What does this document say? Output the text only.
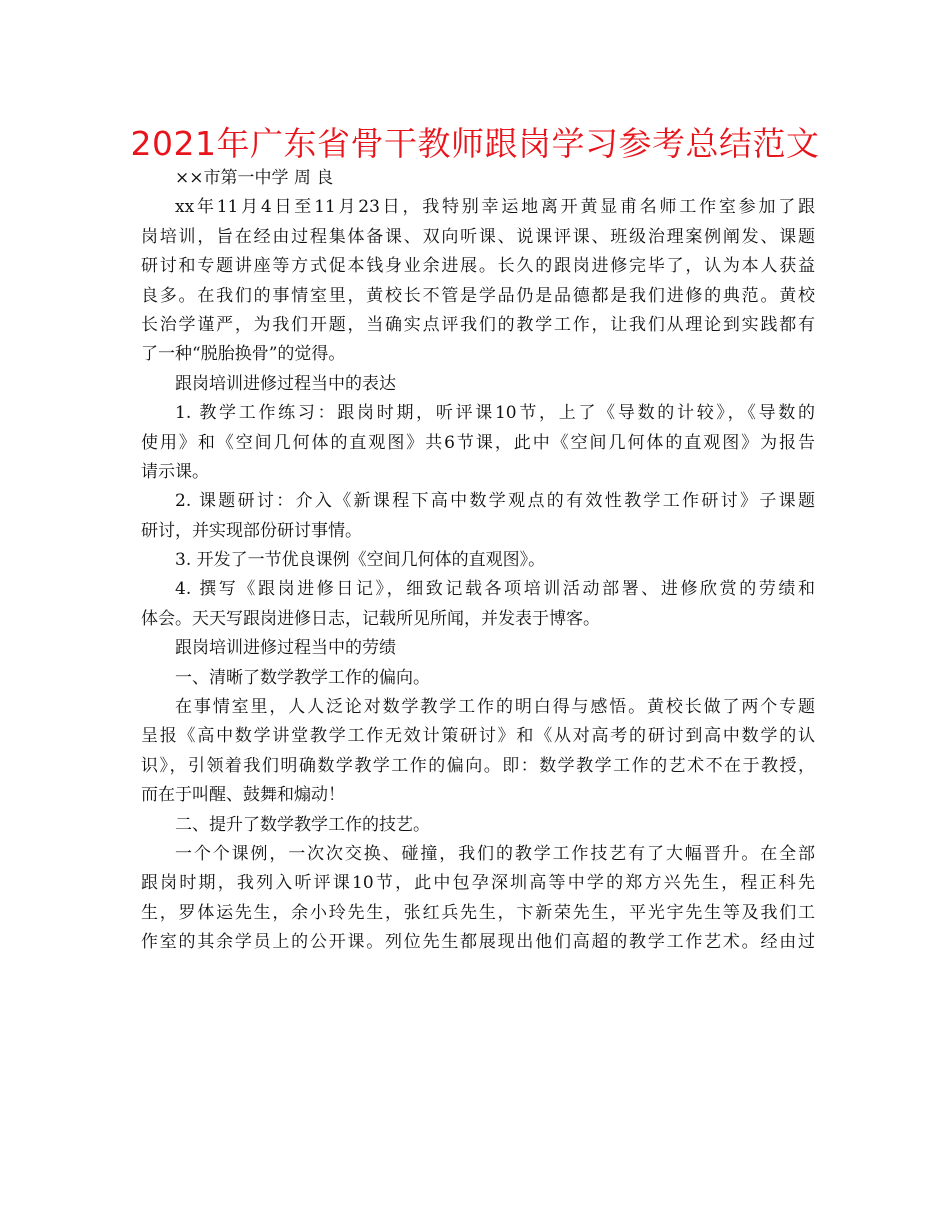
2021年广东省骨干教师跟岗学习参考总结范文
××市第一中学 周 良
xx年11月4日至11月23日，我特别幸运地离开黄显甫名师工作室参加了跟
岗培训，旨在经由过程集体备课、双向听课、说课评课、班级治理案例阐发、课题
研讨和专题讲座等方式促本钱身业余进展。长久的跟岗进修完毕了，认为本人获益
良多。在我们的事情室里，黄校长不管是学品仍是品德都是我们进修的典范。黄校
长治学谨严，为我们开题，当确实点评我们的教学工作，让我们从理论到实践都有
了一种“脱胎换骨”的觉得。
跟岗培训进修过程当中的表达
1. 教学工作练习：跟岗时期，听评课10节，上了《导数的计较》，《导数的
使用》和《空间几何体的直观图》共6节课，此中《空间几何体的直观图》为报告
请示课。
2. 课题研讨：介入《新课程下高中数学观点的有效性教学工作研讨》子课题
研讨，并实现部份研讨事情。
3. 开发了一节优良课例《空间几何体的直观图》。
4. 撰写《跟岗进修日记》，细致记载各项培训活动部署、进修欣赏的劳绩和
体会。天天写跟岗进修日志，记载所见所闻，并发表于博客。
跟岗培训进修过程当中的劳绩
一、清晰了数学教学工作的偏向。
在事情室里，人人泛论对数学教学工作的明白得与感悟。黄校长做了两个专题
呈报《高中数学讲堂教学工作无效计策研讨》和《从对高考的研讨到高中数学的认
识》，引领着我们明确数学教学工作的偏向。即：数学教学工作的艺术不在于教授，
而在于叫醒、鼓舞和煽动！
二、提升了数学教学工作的技艺。
一个个课例，一次次交换、碰撞，我们的教学工作技艺有了大幅晋升。在全部
跟岗时期，我列入听评课10节，此中包孕深圳高等中学的郑方兴先生，程正科先
生，罗体运先生，余小玲先生，张红兵先生，卞新荣先生，平光宇先生等及我们工
作室的其余学员上的公开课。列位先生都展现出他们高超的教学工作艺术。经由过
